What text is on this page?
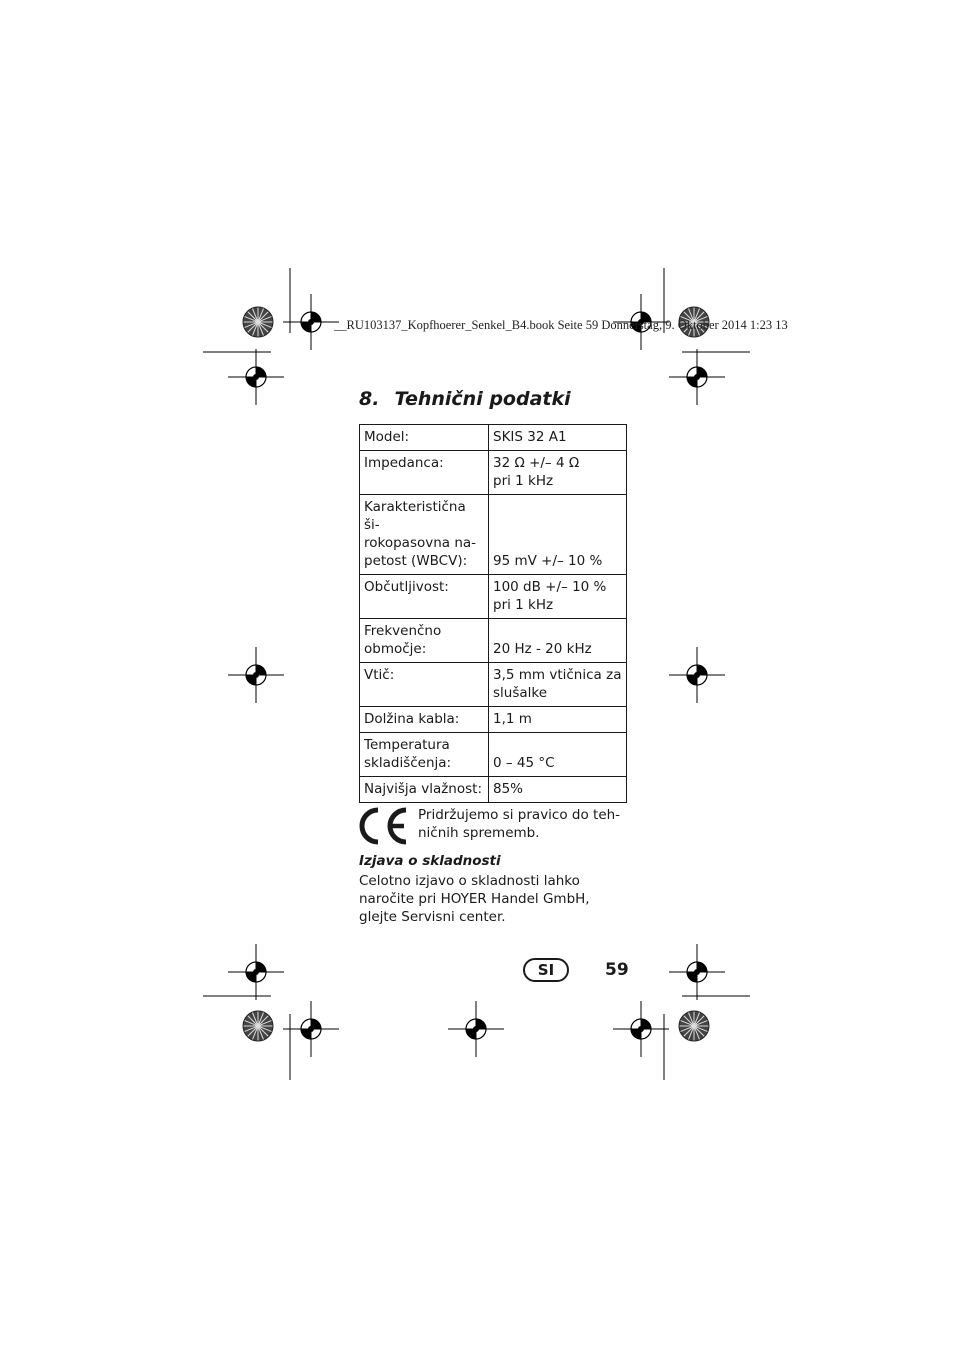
__RU103137_Kopfhoerer_Senkel_B4.book Seite 59 Donnerstag, 9. Oktober 2014 1:23 13
8. Tehnični podatki
Model:	SKIS 32 A1
Impedanca:	32 Ω +/– 4 Ω
pri 1 kHz
Karakteristična ši-
rokopasovna na-
petost (WBCV):	95 mV +/– 10 %
Občutljivost:	100 dB +/– 10 %
pri 1 kHz
Frekvenčno
območje:	20 Hz - 20 kHz
Vtič:	3,5 mm vtičnica za
slušalke
Dolžina kabla:	1,1 m
Temperatura
skladiščenja:	0 – 45 °C
Najvišja vlažnost:	85%
Pridržujemo si pravico do teh-
ničnih sprememb.
Izjava o skladnosti
Celotno izjavo o skladnosti lahko
naročite pri HOYER Handel GmbH,
glejte Servisni center.
SI	59
